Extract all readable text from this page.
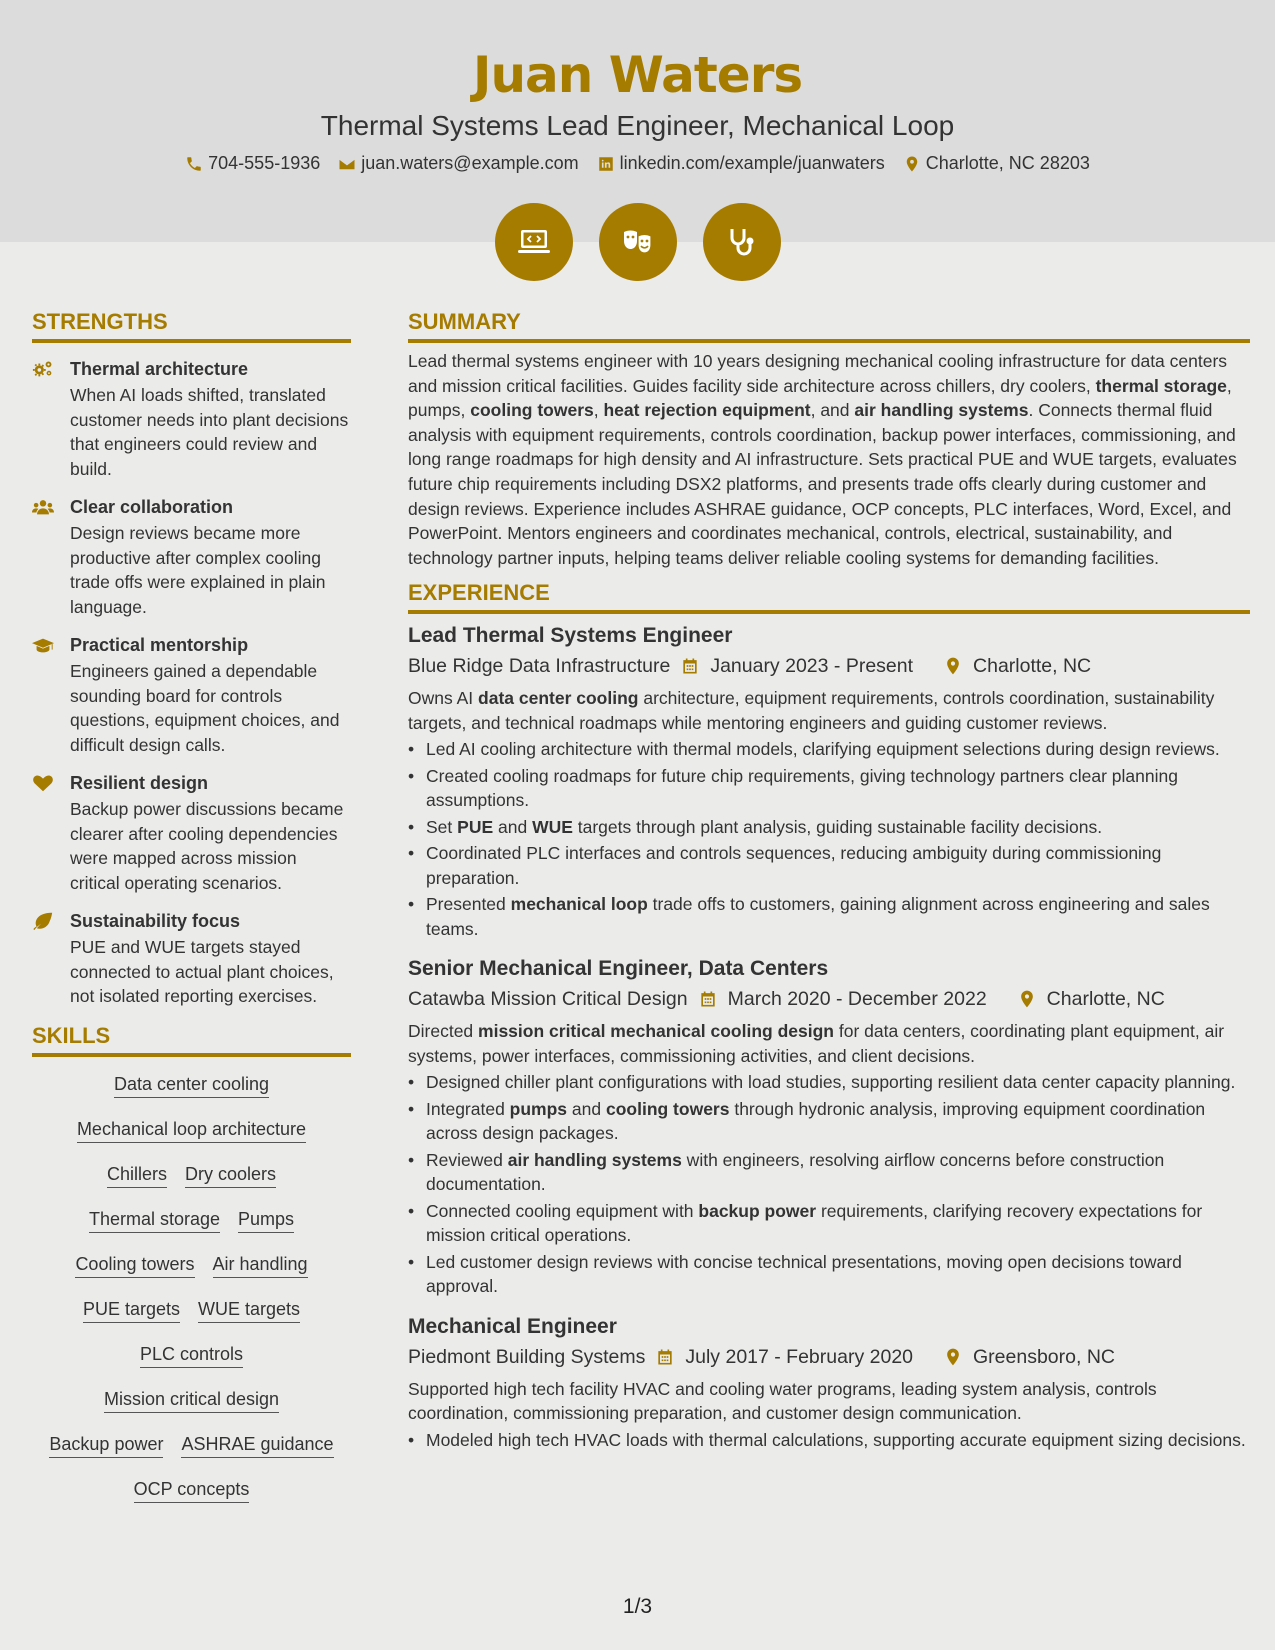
Juan Waters
Thermal Systems Lead Engineer, Mechanical Loop
704-555-1936 juan.waters@example.com linkedin.com/example/juanwaters Charlotte, NC 28203
STRENGTHS
Thermal architecture

When AI loads shifted, translated customer needs into plant decisions that engineers could review and build.

Clear collaboration

Design reviews became more productive after complex cooling trade offs were explained in plain language.

Practical mentorship

Engineers gained a dependable sounding board for controls questions, equipment choices, and difficult design calls.

Resilient design

Backup power discussions became clearer after cooling dependencies were mapped across mission critical operating scenarios.

Sustainability focus

PUE and WUE targets stayed connected to actual plant choices, not isolated reporting exercises.

SKILLS
Data center cooling
Mechanical loop architecture
Chillers Dry coolers
Thermal storage Pumps
Cooling towers Air handling
PUE targets WUE targets
PLC controls
Mission critical design
Backup power ASHRAE guidance
OCP concepts
SUMMARY

Lead thermal systems engineer with 10 years designing mechanical cooling infrastructure for data centers and mission critical facilities. Guides facility side architecture across chillers, dry coolers, thermal storage, pumps, cooling towers, heat rejection equipment, and air handling systems. Connects thermal fluid analysis with equipment requirements, controls coordination, backup power interfaces, commissioning, and long range roadmaps for high density and AI infrastructure. Sets practical PUE and WUE targets, evaluates future chip requirements including DSX2 platforms, and presents trade offs clearly during customer and design reviews. Experience includes ASHRAE guidance, OCP concepts, PLC interfaces, Word, Excel, and PowerPoint. Mentors engineers and coordinates mechanical, controls, electrical, sustainability, and technology partner inputs, helping teams deliver reliable cooling systems for demanding facilities.

EXPERIENCE
Lead Thermal Systems Engineer
Blue Ridge Data Infrastructure January 2023 - Present	Charlotte, NC

Owns AI data center cooling architecture, equipment requirements, controls coordination, sustainability targets, and technical roadmaps while mentoring engineers and guiding customer reviews.

• Led AI cooling architecture with thermal models, clarifying equipment selections during design reviews.
• Created cooling roadmaps for future chip requirements, giving technology partners clear planning assumptions.
• Set PUE and WUE targets through plant analysis, guiding sustainable facility decisions.
• Coordinated PLC interfaces and controls sequences, reducing ambiguity during commissioning preparation.
• Presented mechanical loop trade offs to customers, gaining alignment across engineering and sales teams.
Senior Mechanical Engineer, Data Centers
Catawba Mission Critical Design March 2020 - December 2022	Charlotte, NC

Directed mission critical mechanical cooling design for data centers, coordinating plant equipment, air systems, power interfaces, commissioning activities, and client decisions.

• Designed chiller plant configurations with load studies, supporting resilient data center capacity planning.
• Integrated pumps and cooling towers through hydronic analysis, improving equipment coordination across design packages.
• Reviewed air handling systems with engineers, resolving airflow concerns before construction documentation.
• Connected cooling equipment with backup power requirements, clarifying recovery expectations for mission critical operations.
• Led customer design reviews with concise technical presentations, moving open decisions toward approval.
Mechanical Engineer
Piedmont Building Systems July 2017 - February 2020	Greensboro, NC

Supported high tech facility HVAC and cooling water programs, leading system analysis, controls coordination, commissioning preparation, and customer design communication.

• Modeled high tech HVAC loads with thermal calculations, supporting accurate equipment sizing decisions.
1/3
